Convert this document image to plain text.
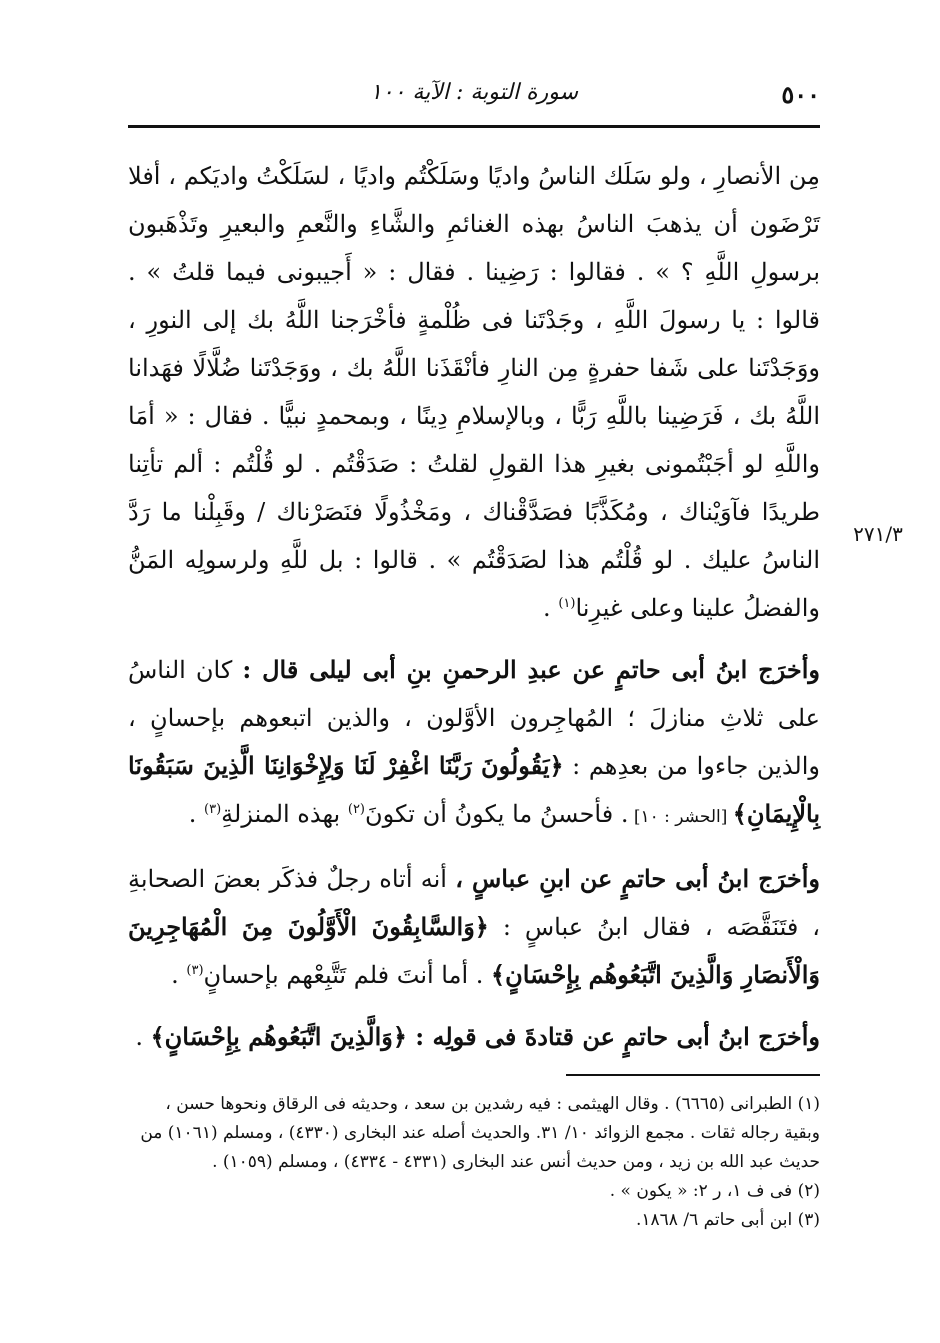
٥٠٠
سورة التوبة : الآية ١٠٠
٢٧١/٣

مِن الأنصارِ ، ولو سَلَك الناسُ واديًا وسَلَكْتُم واديًا ، لسَلَكْتُ واديَكم ، أفلا تَرْضَون أن يذهبَ الناسُ بهذه الغنائمِ والشَّاءِ والنَّعمِ والبعيرِ وتَذْهَبون برسولِ اللَّهِ ؟ » . فقالوا : رَضِينا . فقال : « أَجيبونى فيما قلتُ » . قالوا : يا رسولَ اللَّهِ ، وجَدْتَنا فى ظُلْمةٍ فأخْرَجنا اللَّهُ بك إلى النورِ ، ووَجَدْتَنا على شَفا حفرةٍ مِن النارِ فأنْقَذَنا اللَّهُ بك ، ووَجَدْتَنا ضُلَّالًا فهَدانا اللَّهُ بك ، فَرَضِينا باللَّهِ رَبًّا ، وبالإسلامِ دِينًا ، وبمحمدٍ نبيًّا . فقال : « أمَا واللَّهِ لو أجَبْتُمونى بغيرِ هذا القولِ لقلتُ : صَدَقْتُم . لو قُلْتُم : ألم تأتِنا طريدًا فآوَيْناك ، ومُكَذَّبًا فصَدَّقْناك ، ومَخْذُولًا فنَصَرْناك / وقَبِلْنا ما رَدَّ الناسُ عليك . لو قُلْتُم هذا لصَدَقْتُم » . قالوا : بل للَّهِ ولرسولِه المَنُّ والفضلُ علينا وعلى غيرِنا$^{(١)}$ .

وأخرَج ابنُ أبى حاتمٍ عن عبدِ الرحمنِ بنِ أبى ليلى قال : كان الناسُ على ثلاثِ منازلَ ؛ المُهاجِرون الأوَّلون ، والذين اتبعوهم بإحسانٍ ، والذين جاءوا من بعدِهم : ﴿يَقُولُونَ رَبَّنَا اغْفِرْ لَنَا وَلِإِخْوَانِنَا الَّذِينَ سَبَقُونَا بِالْإِيمَانِ﴾ [الحشر : ١٠] . فأحسنُ ما يكونُ أن تكونَ$^{(٢)}$ بهذه المنزلةِ$^{(٣)}$ .

وأخرَج ابنُ أبى حاتمٍ عن ابنِ عباسٍ ، أنه أتاه رجلٌ فذكَر بعضَ الصحابةِ ، فتَنَقَّصَه ، فقال ابنُ عباسٍ : ﴿وَالسَّابِقُونَ الْأَوَّلُونَ مِنَ الْمُهَاجِرِينَ وَالْأَنصَارِ وَالَّذِينَ اتَّبَعُوهُم بِإِحْسَانٍ﴾ . أما أنتَ فلم تَتَّبِعْهم بإحسانٍ$^{(٣)}$ .

وأخرَج ابنُ أبى حاتمٍ عن قتادةَ فى قولِه : ﴿وَالَّذِينَ اتَّبَعُوهُم بِإِحْسَانٍ﴾ .

(١) الطبرانى (٦٦٦٥) . وقال الهيثمى : فيه رشدين بن سعد ، وحديثه فى الرقاق ونحوها حسن ، وبقية رجاله ثقات . مجمع الزوائد ١٠/ ٣١. والحديث أصله عند البخارى (٤٣٣٠) ، ومسلم (١٠٦١) من حديث عبد الله بن زيد ، ومن حديث أنس عند البخارى (٤٣٣١ - ٤٣٣٤) ، ومسلم (١٠٥٩) .

(٢) فى ف ١، ر ٢: « يكون » .

(٣) ابن أبى حاتم ٦/ ١٨٦٨.
